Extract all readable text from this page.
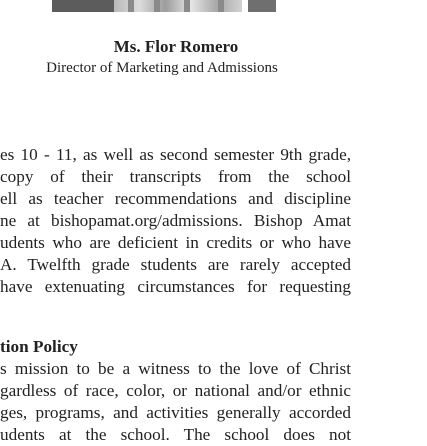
Ms. Flor Romero

Director of Marketing and Admissions

es 10 - 11, as well as second semester 9th grade,
copy of their transcripts from the school
ell as teacher recommendations and discipline
ne at bishopamat.org/admissions. Bishop Amat
udents who are deficient in credits or who have
A. Twelfth grade students are rarely accepted
have extenuating circumstances for requesting
tion Policy
s mission to be a witness to the love of Christ
gardless of race, color, or national and/or ethnic
ges, programs, and activities generally accorded
udents at the school. The school does not
